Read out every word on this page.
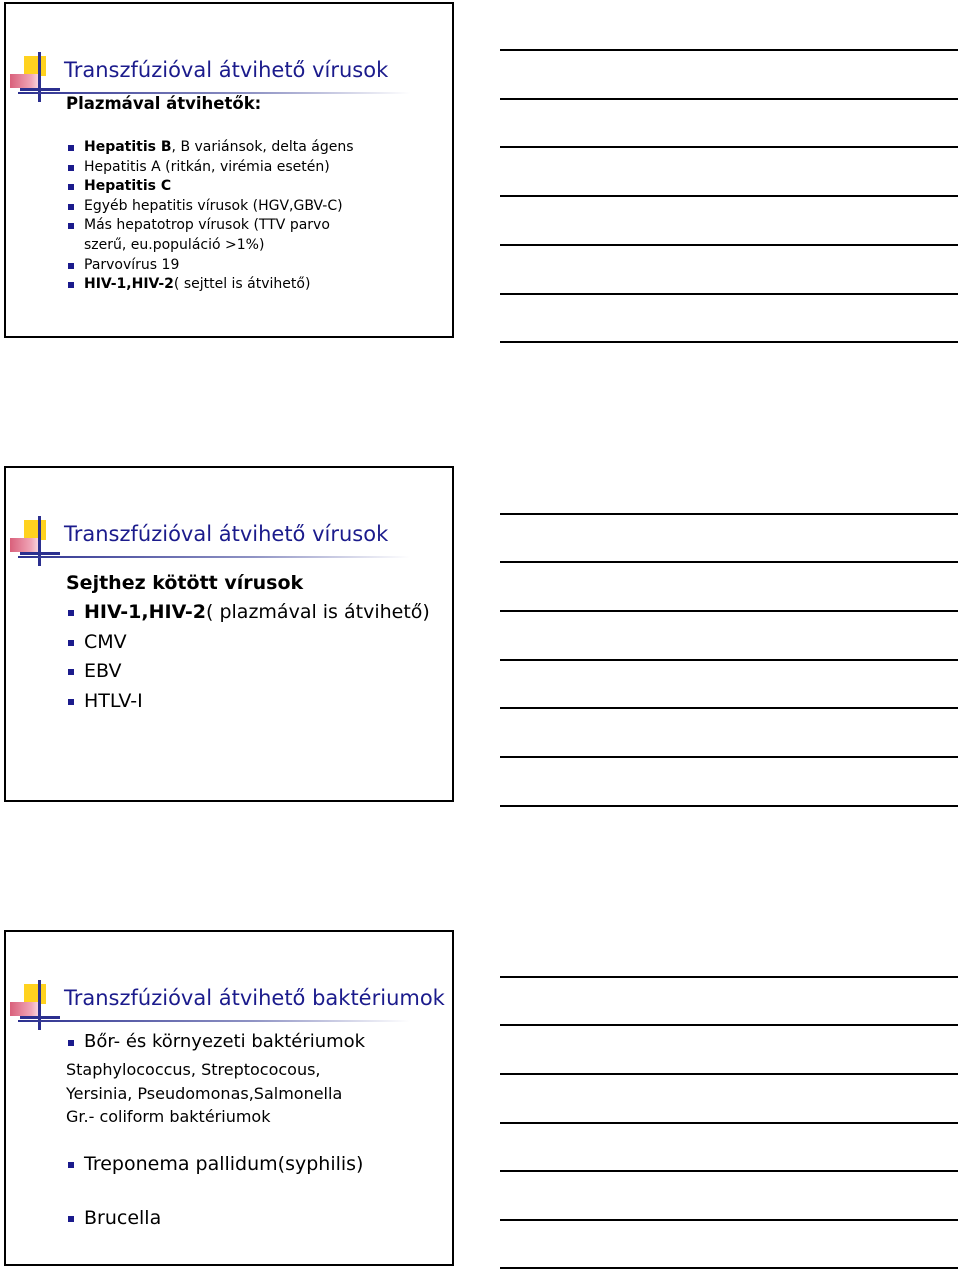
Transzfúzióval átvihető vírusok
Plazmával átvihetők:
Hepatitis B, B variánsok, delta ágens
Hepatitis A (ritkán, virémia esetén)
Hepatitis C
Egyéb hepatitis vírusok (HGV,GBV-C)
Más hepatotrop vírusok (TTV parvo szerű, eu.populáció >1%)
Parvovírus 19
HIV-1,HIV-2( sejttel is átvihető)
Transzfúzióval átvihető vírusok
Sejthez kötött vírusok
HIV-1,HIV-2( plazmával is átvihető)
CMV
EBV
HTLV-I
Transzfúzióval átvihető baktériumok
Bőr- és környezeti baktériumok
Staphylococcus, Streptococous,
Yersinia, Pseudomonas,Salmonella
Gr.- coliform baktériumok
Treponema pallidum(syphilis)
Brucella
